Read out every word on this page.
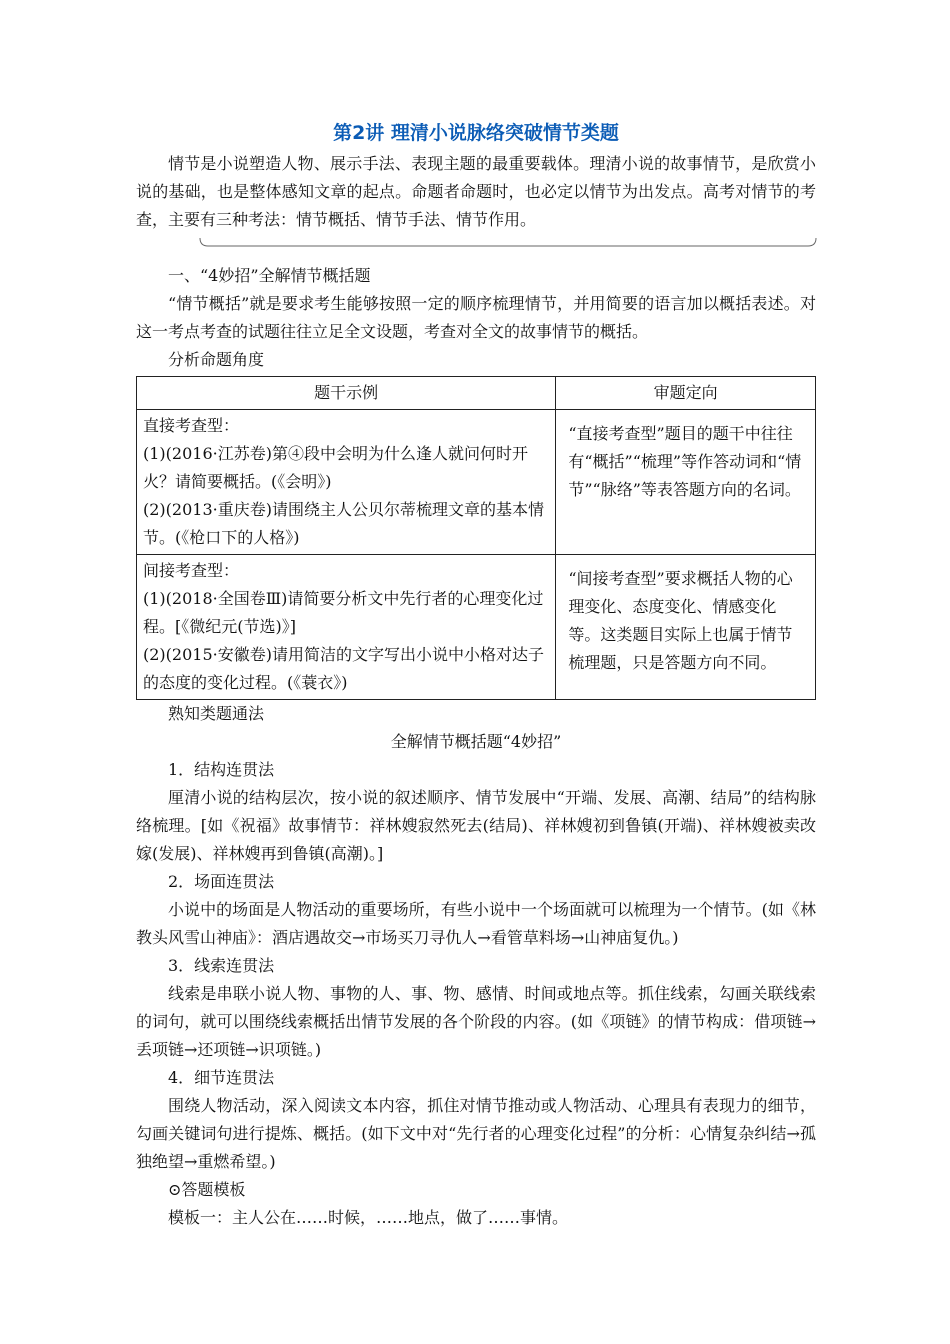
第2讲 理清小说脉络突破情节类题

情节是小说塑造人物、展示手法、表现主题的最重要载体。理清小说的故事情节，是欣赏小说的基础，也是整体感知文章的起点。命题者命题时，也必定以情节为出发点。高考对情节的考查，主要有三种考法：情节概括、情节手法、情节作用。

一、“4妙招”全解情节概括题

“情节概括”就是要求考生能够按照一定的顺序梳理情节，并用简要的语言加以概括表述。对这一考点考查的试题往往立足全文设题，考查对全文的故事情节的概括。

分析命题角度

题干示例	审题定向

直接考查型：
(1)(2016·江苏卷)第④段中会明为什么逢人就问何时开火？请简要概括。(《会明》)
(2)(2013·重庆卷)请围绕主人公贝尔蒂梳理文章的基本情节。(《枪口下的人格》)	“直接考查型”题目的题干中往往有“概括”“梳理”等作答动词和“情节”“脉络”等表答题方向的名词。

间接考查型：
(1)(2018·全国卷Ⅲ)请简要分析文中先行者的心理变化过程。[《微纪元(节选)》]
(2)(2015·安徽卷)请用简洁的文字写出小说中小格对达子的态度的变化过程。(《蓑衣》)	“间接考查型”要求概括人物的心理变化、态度变化、情感变化等。这类题目实际上也属于情节梳理题，只是答题方向不同。

熟知类题通法

全解情节概括题“4妙招”

1．结构连贯法

厘清小说的结构层次，按小说的叙述顺序、情节发展中“开端、发展、高潮、结局”的结构脉络梳理。[如《祝福》故事情节：祥林嫂寂然死去(结局)、祥林嫂初到鲁镇(开端)、祥林嫂被卖改嫁(发展)、祥林嫂再到鲁镇(高潮)。]

2．场面连贯法

小说中的场面是人物活动的重要场所，有些小说中一个场面就可以梳理为一个情节。(如《林教头风雪山神庙》：酒店遇故交→市场买刀寻仇人→看管草料场→山神庙复仇。)

3．线索连贯法

线索是串联小说人物、事物的人、事、物、感情、时间或地点等。抓住线索，勾画关联线索的词句，就可以围绕线索概括出情节发展的各个阶段的内容。(如《项链》的情节构成：借项链→丢项链→还项链→识项链。)

4．细节连贯法

围绕人物活动，深入阅读文本内容，抓住对情节推动或人物活动、心理具有表现力的细节，勾画关键词句进行提炼、概括。(如下文中对“先行者的心理变化过程”的分析：心情复杂纠结→孤独绝望→重燃希望。)

⊙答题模板

模板一：主人公在……时候，……地点，做了……事情。
